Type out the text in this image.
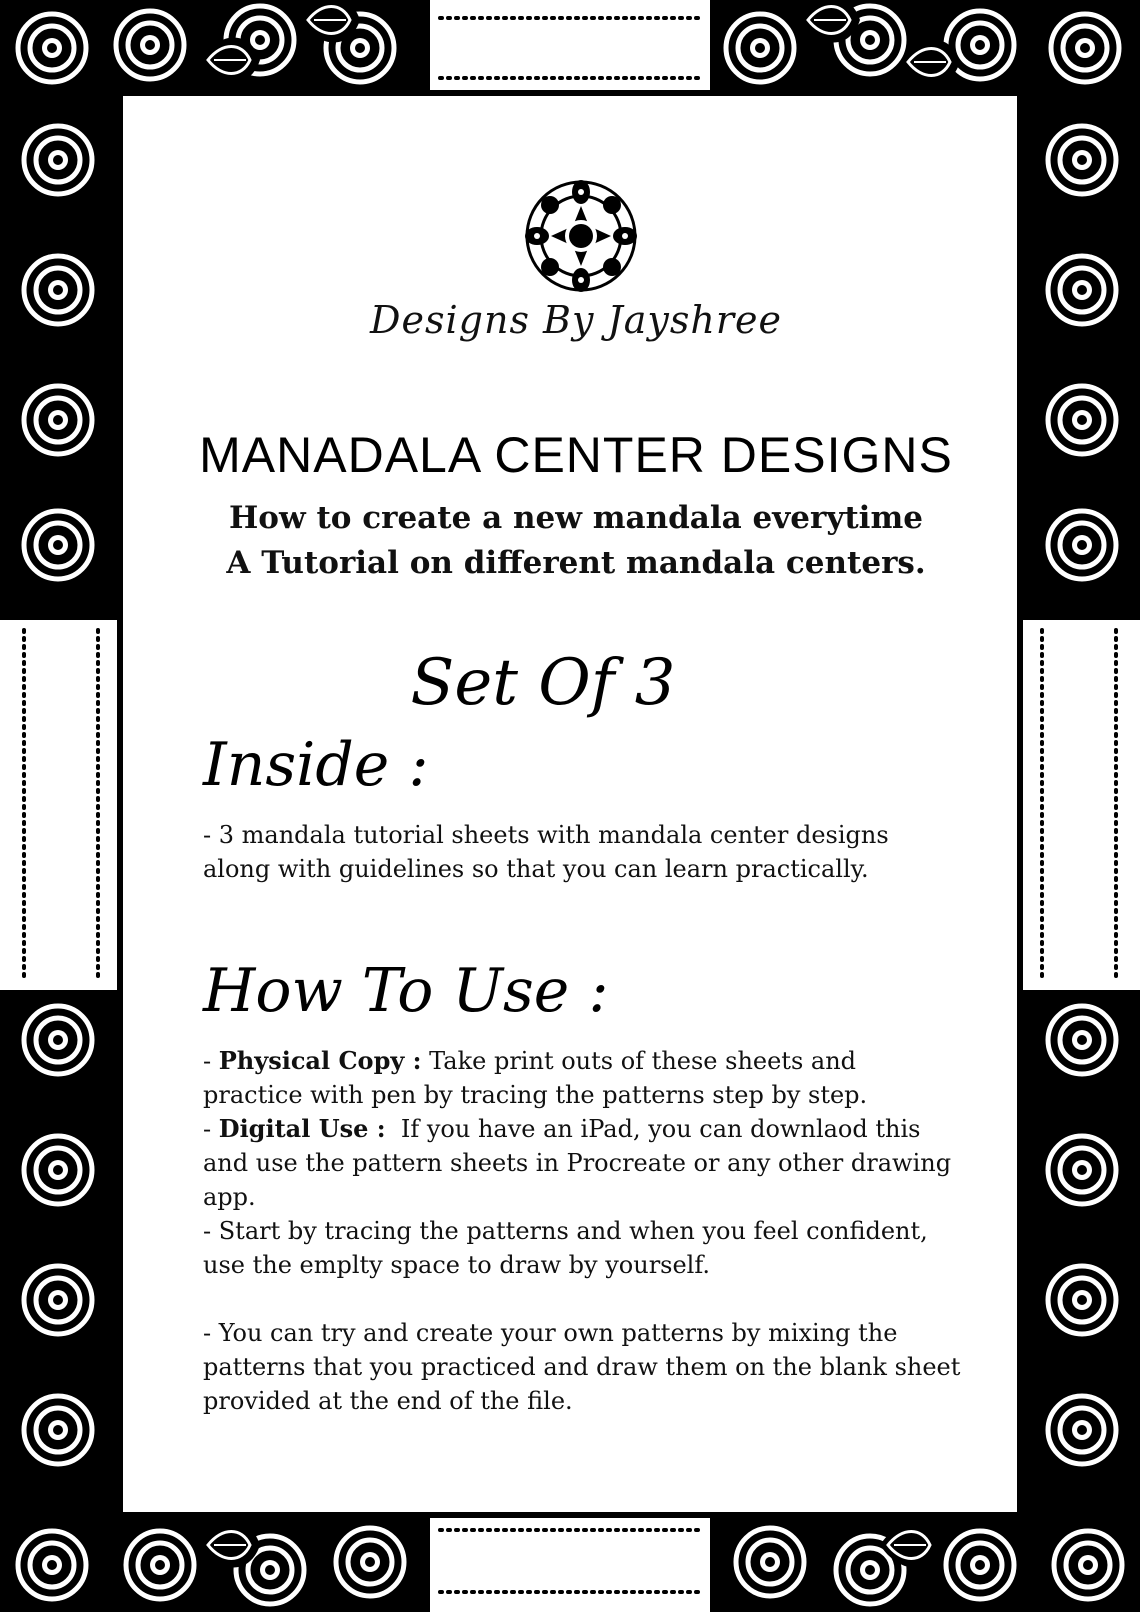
Designs By Jayshree

MANADALA CENTER DESIGNS

How to create a new mandala everytime

A Tutorial on different mandala centers.

Set Of 3

Inside :

- 3 mandala tutorial sheets with mandala center designs along with guidelines so that you can learn practically.

How To Use :

- Physical Copy : Take print outs of these sheets and practice with pen by tracing the patterns step by step.

- Digital Use :  If you have an iPad, you can downlaod this and use the pattern sheets in Procreate or any other drawing app.

- Start by tracing the patterns and when you feel confident, use the emplty space to draw by yourself.

- You can try and create your own patterns by mixing the patterns that you practiced and draw them on the blank sheet provided at the end of the file.
